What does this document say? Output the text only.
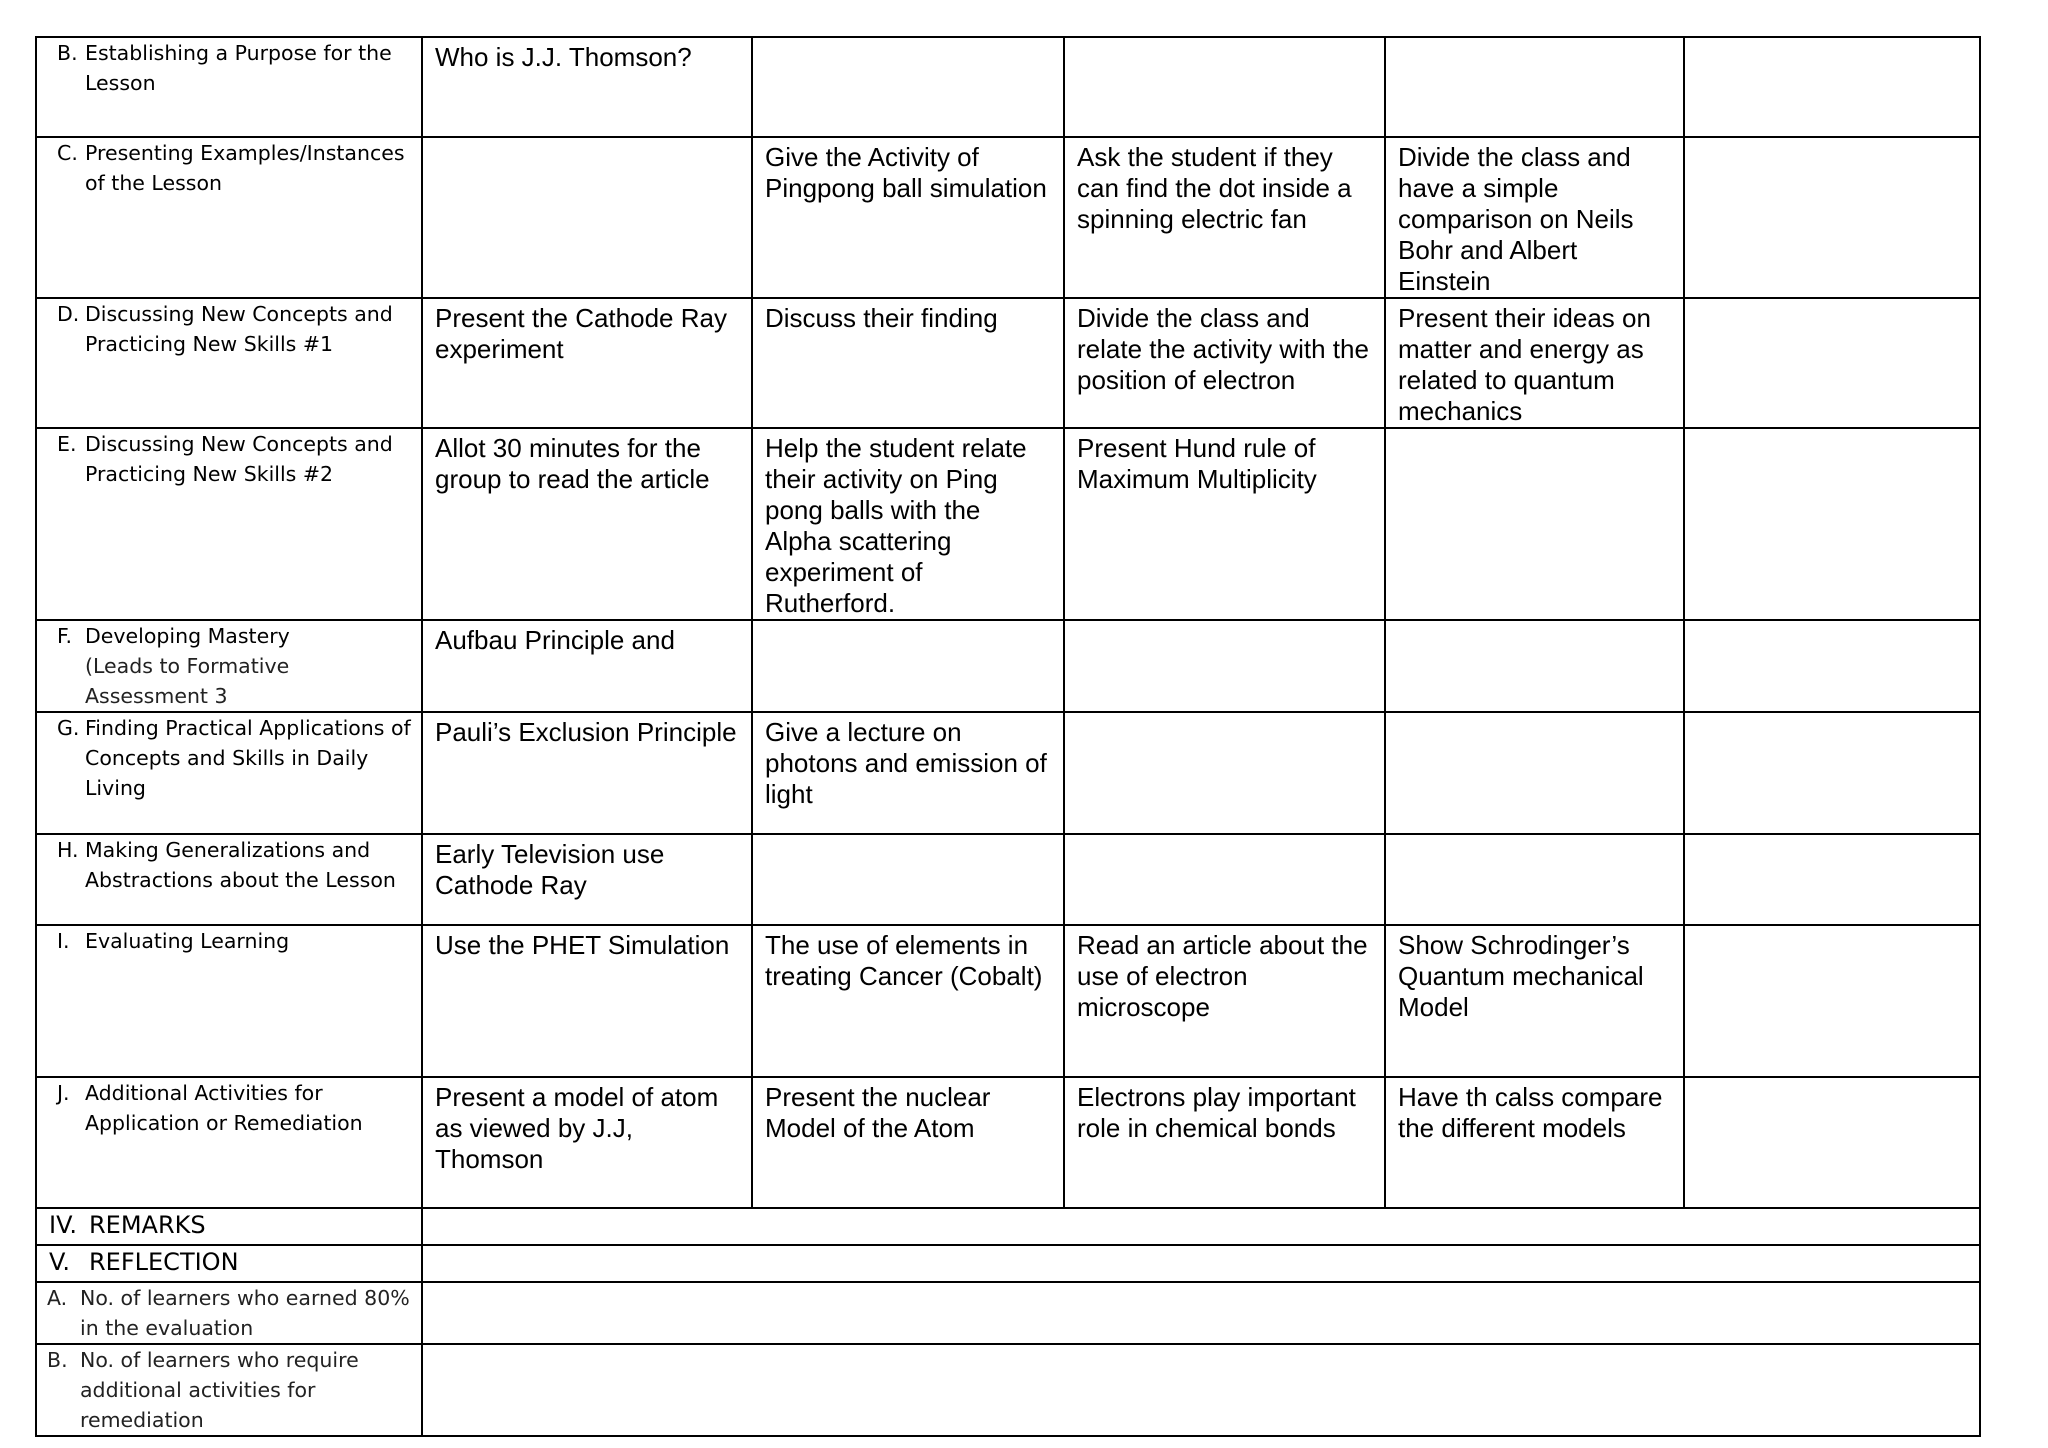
B. Establishing a Purpose for the Lesson	Who is J.J. Thomson?				

C. Presenting Examples/Instances of the Lesson		Give the Activity of Pingpong ball simulation	Ask the student if they can find the dot inside a spinning electric fan	Divide the class and have a simple comparison on Neils Bohr and Albert Einstein	

D. Discussing New Concepts and Practicing New Skills #1	Present the Cathode Ray experiment	Discuss their finding	Divide the class and relate the activity with the position of electron	Present their ideas on matter and energy as related to quantum mechanics	

E. Discussing New Concepts and Practicing New Skills #2	Allot 30 minutes for the group to read the article	Help the student relate their activity on Ping pong balls with the Alpha scattering experiment of Rutherford.	Present Hund rule of Maximum Multiplicity		

F. Developing Mastery
(Leads to Formative Assessment 3	Aufbau Principle and				

G. Finding Practical Applications of Concepts and Skills in Daily Living	Pauli’s Exclusion Principle	Give a lecture on photons and emission of light			

H. Making Generalizations and Abstractions about the Lesson	Early Television use Cathode Ray				

I. Evaluating Learning	Use the PHET Simulation	The use of elements in treating Cancer (Cobalt)	Read an article about the use of electron microscope	Show Schrodinger’s Quantum mechanical Model	

J. Additional Activities for Application or Remediation	Present a model of atom as viewed by J.J, Thomson	Present the nuclear Model of the Atom	Electrons play important role in chemical bonds	Have th calss compare the different models	

IV. REMARKS					

V. REFLECTION					

A. No. of learners who earned 80% in the evaluation					

B. No. of learners who require additional activities for remediation					
